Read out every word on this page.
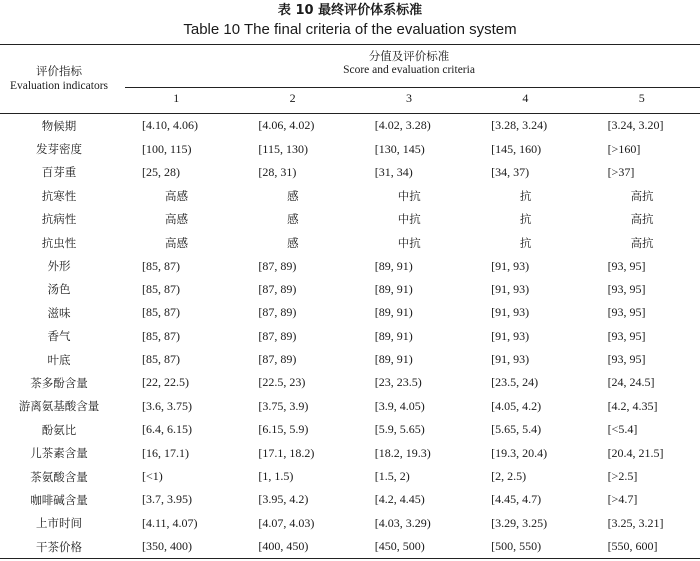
表 10 最终评价体系标准
Table 10 The final criteria of the evaluation system
评价指标
Evaluation indicators	分值及评价标准
Score and evaluation criteria				

	1	2	3	4	5
物候期	[4.10, 4.06)	[4.06, 4.02)	[4.02, 3.28)	[3.28, 3.24)	[3.24, 3.20]
发芽密度	[100, 115)	[115, 130)	[130, 145)	[145, 160)	[>160]
百芽重	[25, 28)	[28, 31)	[31, 34)	[34, 37)	[>37]
抗寒性	高感	感	中抗	抗	高抗
抗病性	高感	感	中抗	抗	高抗
抗虫性	高感	感	中抗	抗	高抗
外形	[85, 87)	[87, 89)	[89, 91)	[91, 93)	[93, 95]
汤色	[85, 87)	[87, 89)	[89, 91)	[91, 93)	[93, 95]
滋味	[85, 87)	[87, 89)	[89, 91)	[91, 93)	[93, 95]
香气	[85, 87)	[87, 89)	[89, 91)	[91, 93)	[93, 95]
叶底	[85, 87)	[87, 89)	[89, 91)	[91, 93)	[93, 95]
茶多酚含量	[22, 22.5)	[22.5, 23)	[23, 23.5)	[23.5, 24)	[24, 24.5]
游离氨基酸含量	[3.6, 3.75)	[3.75, 3.9)	[3.9, 4.05)	[4.05, 4.2)	[4.2, 4.35]
酚氨比	[6.4, 6.15)	[6.15, 5.9)	[5.9, 5.65)	[5.65, 5.4)	[<5.4]
儿茶素含量	[16, 17.1)	[17.1, 18.2)	[18.2, 19.3)	[19.3, 20.4)	[20.4, 21.5]
茶氨酸含量	[<1)	[1, 1.5)	[1.5, 2)	[2, 2.5)	[>2.5]
咖啡碱含量	[3.7, 3.95)	[3.95, 4.2)	[4.2, 4.45)	[4.45, 4.7)	[>4.7]
上市时间	[4.11, 4.07)	[4.07, 4.03)	[4.03, 3.29)	[3.29, 3.25)	[3.25, 3.21]
干茶价格	[350, 400)	[400, 450)	[450, 500)	[500, 550)	[550, 600]
